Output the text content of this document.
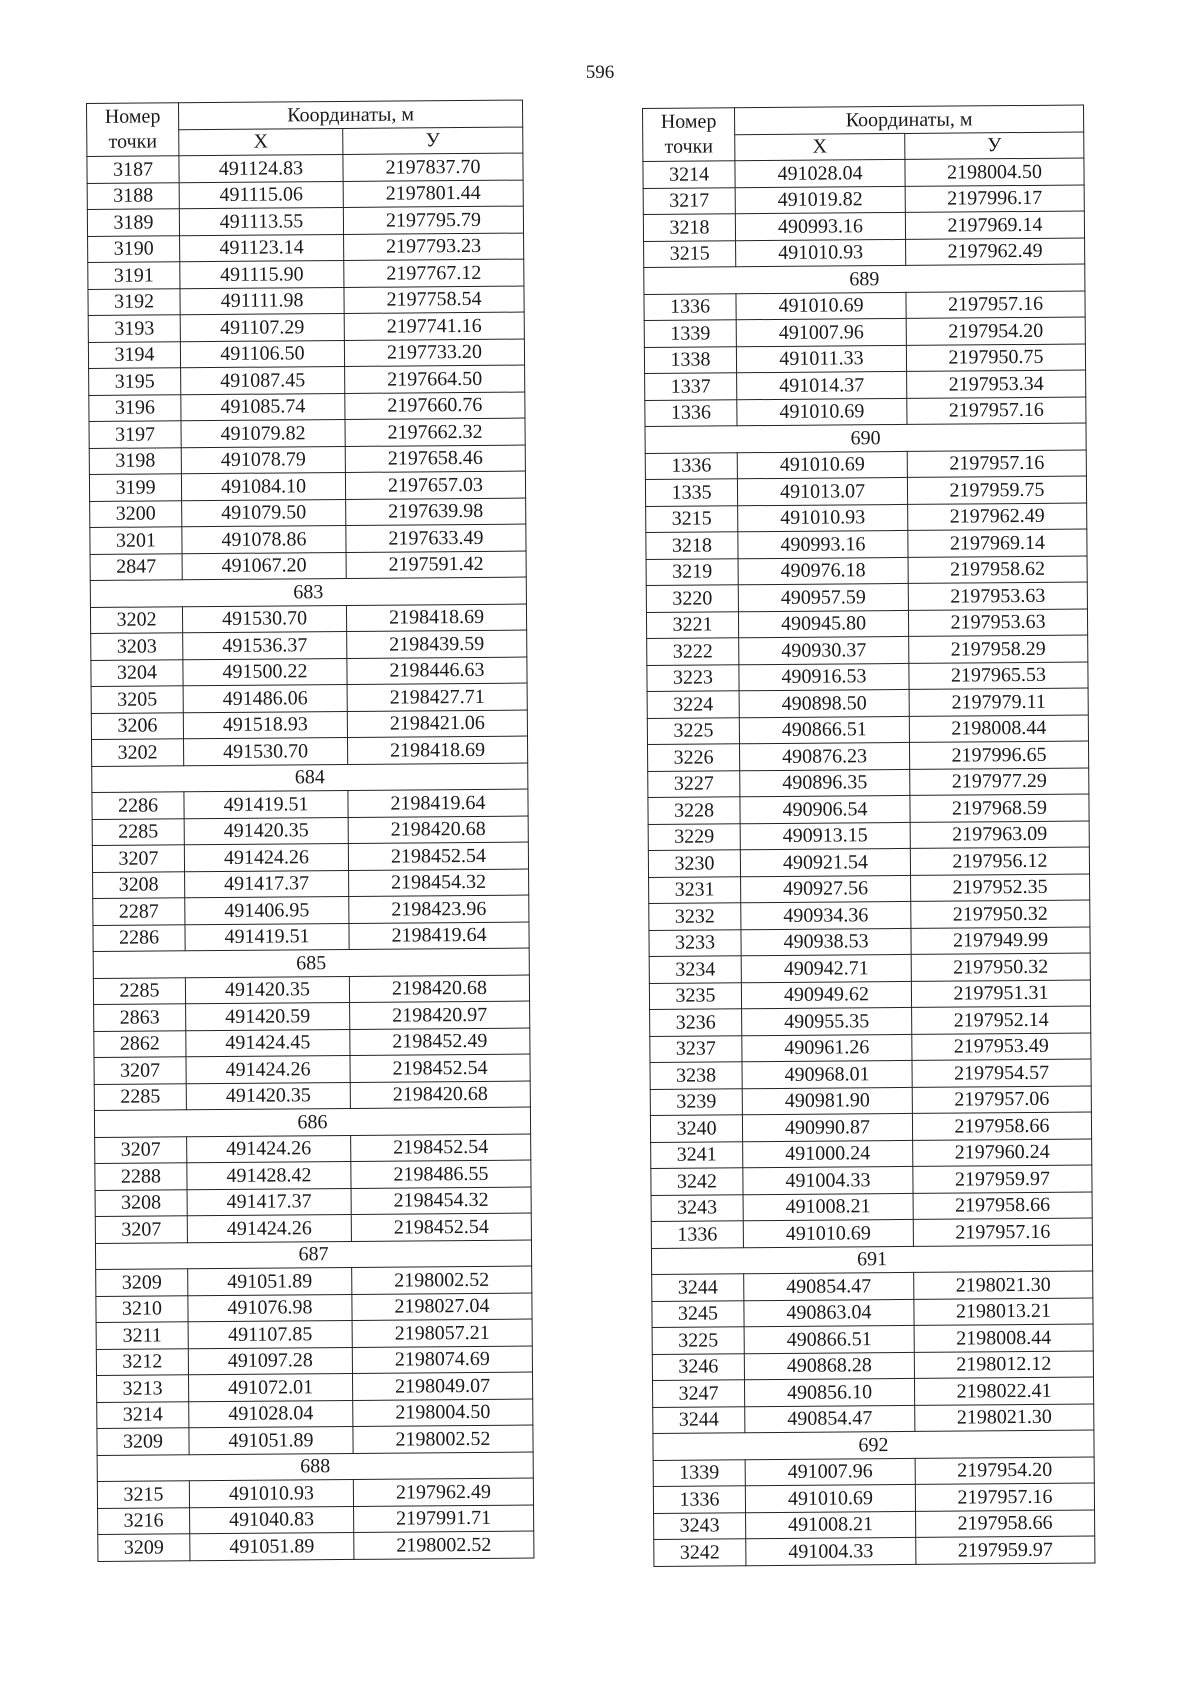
596
Номер
точки	Координаты, м	
	X	У
3187	491124.83	2197837.70
3188	491115.06	2197801.44
3189	491113.55	2197795.79
3190	491123.14	2197793.23
3191	491115.90	2197767.12
3192	491111.98	2197758.54
3193	491107.29	2197741.16
3194	491106.50	2197733.20
3195	491087.45	2197664.50
3196	491085.74	2197660.76
3197	491079.82	2197662.32
3198	491078.79	2197658.46
3199	491084.10	2197657.03
3200	491079.50	2197639.98
3201	491078.86	2197633.49
2847	491067.20	2197591.42
683		
3202	491530.70	2198418.69
3203	491536.37	2198439.59
3204	491500.22	2198446.63
3205	491486.06	2198427.71
3206	491518.93	2198421.06
3202	491530.70	2198418.69
684		
2286	491419.51	2198419.64
2285	491420.35	2198420.68
3207	491424.26	2198452.54
3208	491417.37	2198454.32
2287	491406.95	2198423.96
2286	491419.51	2198419.64
685		
2285	491420.35	2198420.68
2863	491420.59	2198420.97
2862	491424.45	2198452.49
3207	491424.26	2198452.54
2285	491420.35	2198420.68
686		
3207	491424.26	2198452.54
2288	491428.42	2198486.55
3208	491417.37	2198454.32
3207	491424.26	2198452.54
687		
3209	491051.89	2198002.52
3210	491076.98	2198027.04
3211	491107.85	2198057.21
3212	491097.28	2198074.69
3213	491072.01	2198049.07
3214	491028.04	2198004.50
3209	491051.89	2198002.52
688		
3215	491010.93	2197962.49
3216	491040.83	2197991.71
3209	491051.89	2198002.52
Номер
точки	Координаты, м	
	X	У
3214	491028.04	2198004.50
3217	491019.82	2197996.17
3218	490993.16	2197969.14
3215	491010.93	2197962.49
689		
1336	491010.69	2197957.16
1339	491007.96	2197954.20
1338	491011.33	2197950.75
1337	491014.37	2197953.34
1336	491010.69	2197957.16
690		
1336	491010.69	2197957.16
1335	491013.07	2197959.75
3215	491010.93	2197962.49
3218	490993.16	2197969.14
3219	490976.18	2197958.62
3220	490957.59	2197953.63
3221	490945.80	2197953.63
3222	490930.37	2197958.29
3223	490916.53	2197965.53
3224	490898.50	2197979.11
3225	490866.51	2198008.44
3226	490876.23	2197996.65
3227	490896.35	2197977.29
3228	490906.54	2197968.59
3229	490913.15	2197963.09
3230	490921.54	2197956.12
3231	490927.56	2197952.35
3232	490934.36	2197950.32
3233	490938.53	2197949.99
3234	490942.71	2197950.32
3235	490949.62	2197951.31
3236	490955.35	2197952.14
3237	490961.26	2197953.49
3238	490968.01	2197954.57
3239	490981.90	2197957.06
3240	490990.87	2197958.66
3241	491000.24	2197960.24
3242	491004.33	2197959.97
3243	491008.21	2197958.66
1336	491010.69	2197957.16
691		
3244	490854.47	2198021.30
3245	490863.04	2198013.21
3225	490866.51	2198008.44
3246	490868.28	2198012.12
3247	490856.10	2198022.41
3244	490854.47	2198021.30
692		
1339	491007.96	2197954.20
1336	491010.69	2197957.16
3243	491008.21	2197958.66
3242	491004.33	2197959.97
